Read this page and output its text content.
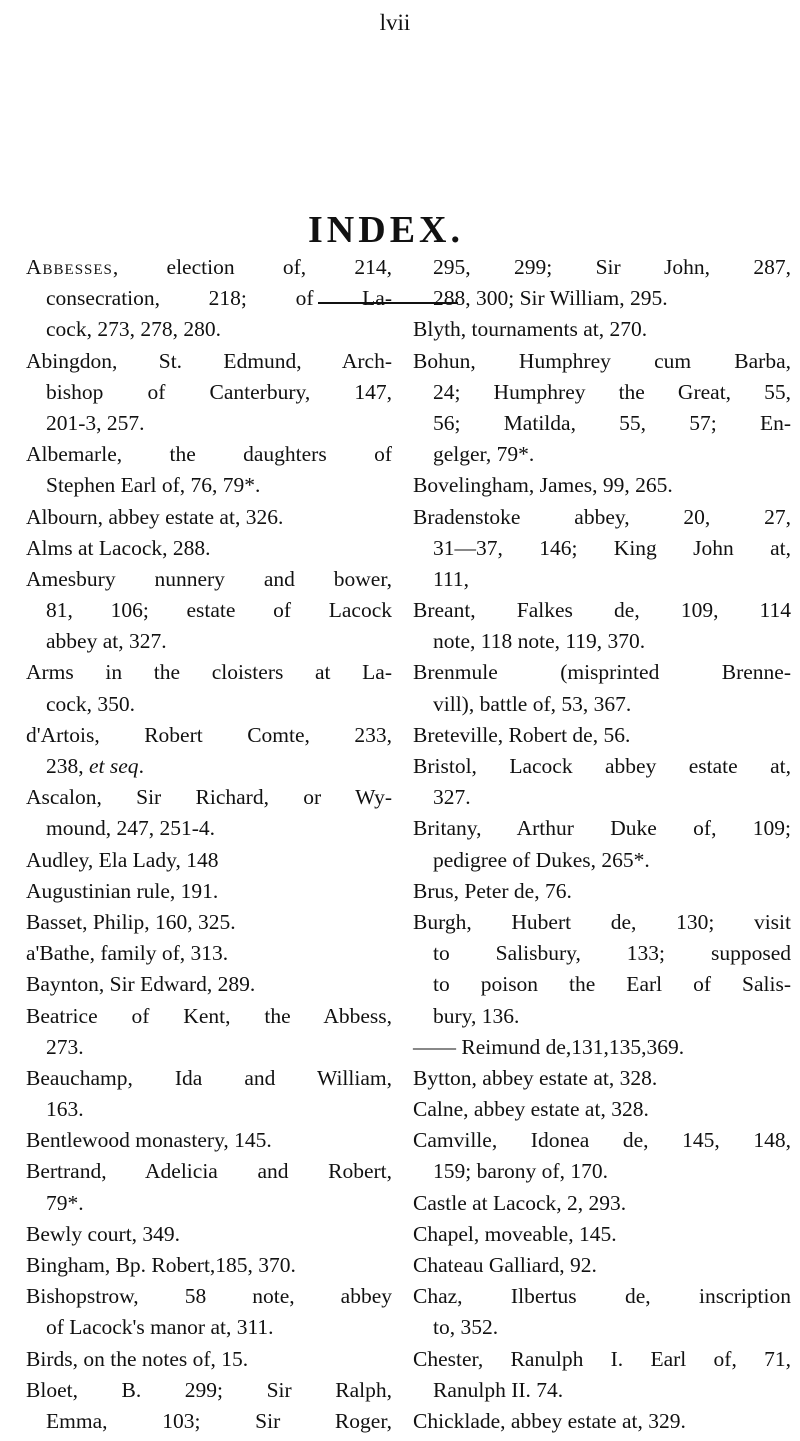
lvii
INDEX.
Abbesses, election of, 214,
consecration, 218; of La-
cock, 273, 278, 280.
Abingdon, St. Edmund, Arch-
bishop of Canterbury, 147,
201-3, 257.
Albemarle, the daughters of
Stephen Earl of, 76, 79*.
Albourn, abbey estate at, 326.
Alms at Lacock, 288.
Amesbury nunnery and bower,
81, 106; estate of Lacock
abbey at, 327.
Arms in the cloisters at La-
cock, 350.
d'Artois, Robert Comte, 233,
238, et seq.
Ascalon, Sir Richard, or Wy-
mound, 247, 251-4.
Audley, Ela Lady, 148
Augustinian rule, 191.
Basset, Philip, 160, 325.
a'Bathe, family of, 313.
Baynton, Sir Edward, 289.
Beatrice of Kent, the Abbess,
273.
Beauchamp, Ida and William,
163.
Bentlewood monastery, 145.
Bertrand, Adelicia and Robert,
79*.
Bewly court, 349.
Bingham, Bp. Robert,185, 370.
Bishopstrow, 58 note, abbey
of Lacock's manor at, 311.
Birds, on the notes of, 15.
Bloet, B. 299; Sir Ralph,
Emma, 103; Sir Roger,
295, 299; Sir John, 287,
288, 300; Sir William, 295.
Blyth, tournaments at, 270.
Bohun, Humphrey cum Barba,
24; Humphrey the Great, 55,
56; Matilda, 55, 57; En-
gelger, 79*.
Bovelingham, James, 99, 265.
Bradenstoke abbey, 20, 27,
31—37, 146; King John at,
111,
Breant, Falkes de, 109, 114
note, 118 note, 119, 370.
Brenmule (misprinted Brenne-
vill), battle of, 53, 367.
Breteville, Robert de, 56.
Bristol, Lacock abbey estate at,
327.
Britany, Arthur Duke of, 109;
pedigree of Dukes, 265*.
Brus, Peter de, 76.
Burgh, Hubert de, 130; visit
to Salisbury, 133; supposed
to poison the Earl of Salis-
bury, 136.
—— Reimund de,131,135,369.
Bytton, abbey estate at, 328.
Calne, abbey estate at, 328.
Camville, Idonea de, 145, 148,
159; barony of, 170.
Castle at Lacock, 2, 293.
Chapel, moveable, 145.
Chateau Galliard, 92.
Chaz, Ilbertus de, inscription
to, 352.
Chester, Ranulph I. Earl of, 71,
Ranulph II. 74.
Chicklade, abbey estate at, 329.
